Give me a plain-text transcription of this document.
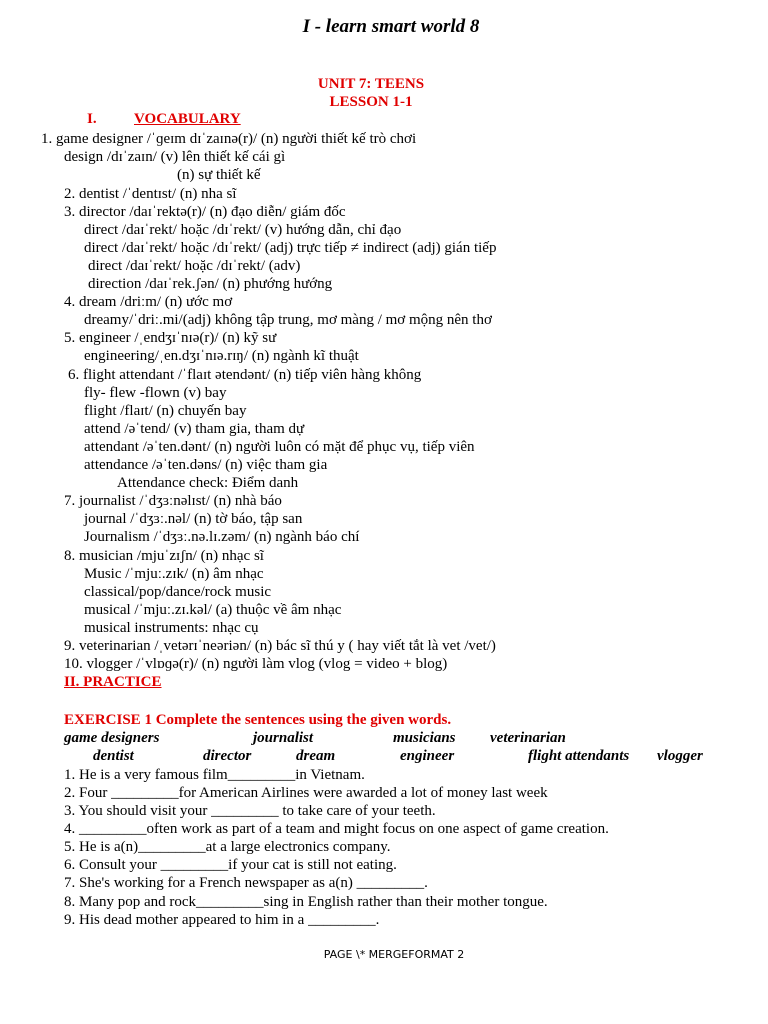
I - learn smart world 8
UNIT 7: TEENS
LESSON 1-1
I. VOCABULARY
1. game designer /ˈɡeɪm dɪˈzaɪnə(r)/ (n) người thiết kế trò chơi
design /dɪˈzaɪn/ (v) lên thiết kế cái gì
(n) sự thiết kế
2. dentist /ˈdentɪst/ (n) nha sĩ
3. director /daɪˈrektə(r)/ (n) đạo diễn/ giám đốc
direct /daɪˈrekt/ hoặc /dɪˈrekt/ (v) hướng dẫn, chỉ đạo
direct /daɪˈrekt/ hoặc /dɪˈrekt/ (adj) trực tiếp ≠ indirect (adj) gián tiếp
direct /daɪˈrekt/ hoặc /dɪˈrekt/ (adv)
direction /daɪˈrek.ʃən/ (n) phướng hướng
4. dream /driːm/ (n) ước mơ
dreamy/ˈdriː.mi/(adj) không tập trung, mơ màng / mơ mộng nên thơ
5. engineer /ˌendʒɪˈnɪə(r)/ (n) kỹ sư
engineering/ˌen.dʒɪˈnɪə.rɪŋ/ (n) ngành kĩ thuật
6. flight attendant /ˈflaɪt ətendənt/ (n) tiếp viên hàng không
fly- flew -flown (v) bay
flight /flaɪt/ (n) chuyến bay
attend /əˈtend/ (v) tham gia, tham dự
attendant /əˈten.dənt/ (n) người luôn có mặt để phục vụ, tiếp viên
attendance /əˈten.dəns/ (n) việc tham gia
Attendance check: Điểm danh
7. journalist /ˈdʒɜːnəlɪst/ (n) nhà báo
journal /ˈdʒɜː.nəl/ (n) tờ báo, tập san
Journalism /ˈdʒɜː.nə.lɪ.zəm/ (n) ngành báo chí
8. musician /mjuˈzɪʃn/ (n) nhạc sĩ
Music /ˈmjuː.zɪk/ (n) âm nhạc
classical/pop/dance/rock music
musical /ˈmjuː.zɪ.kəl/ (a) thuộc về âm nhạc
musical instruments: nhạc cụ
9. veterinarian /ˌvetərɪˈneəriən/ (n) bác sĩ thú y ( hay viết tắt là vet /vet/)
10. vlogger /ˈvlɒɡə(r)/ (n) người làm vlog (vlog = video + blog)
II. PRACTICE
EXERCISE 1 Complete the sentences using the given words.
game designers	journalist	musicians veterinarian
dentist	director	dream	engineer	flight attendants vlogger
1. He is a very famous film_________in Vietnam.
2. Four _________for American Airlines were awarded a lot of money last week
3. You should visit your _________ to take care of your teeth.
4. _________often work as part of a team and might focus on one aspect of game creation.
5. He is a(n)_________at a large electronics company.
6. Consult your _________if your cat is still not eating.
7. She's working for a French newspaper as a(n) _________.
8. Many pop and rock_________sing in English rather than their mother tongue.
9. His dead mother appeared to him in a _________.
PAGE \* MERGEFORMAT 2
